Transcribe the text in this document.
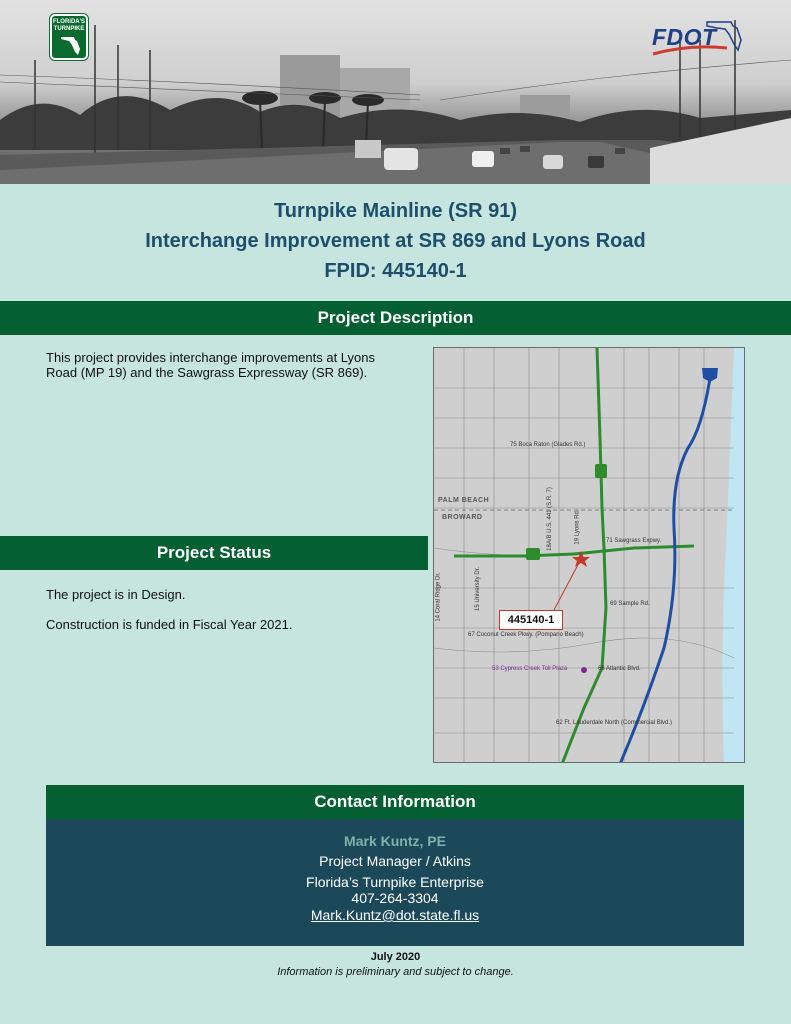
FLORIDA'S TURNPIKE	FDOT
Turnpike Mainline (SR 91)
Interchange Improvement at SR 869 and Lyons Road
FPID: 445140-1
Project Description
This project provides interchange improvements at Lyons Road (MP 19) and the Sawgrass Expressway (SR 869).
Project Status
The project is in Design.
Construction is funded in Fiscal Year 2021.
PALM BEACH
BROWARD
75 Boca Raton (Glades Rd.)
71 Sawgrass Expwy.
69 Sample Rd.
67 Coconut Creek Pkwy. (Pompano Beach)
53 Cypress Creek Toll Plaza	66 Atlantic Blvd.
62 Ft. Lauderdale North (Commercial Blvd.)
14 Coral Ridge Dr.	15 University Dr.
18A/B U.S. 441 (S.R. 7)	19 Lyons Rd.
445140-1
Contact Information
Mark Kuntz, PE
Project Manager / Atkins
Florida’s Turnpike Enterprise
407-264-3304
Mark.Kuntz@dot.state.fl.us
July 2020
Information is preliminary and subject to change.
